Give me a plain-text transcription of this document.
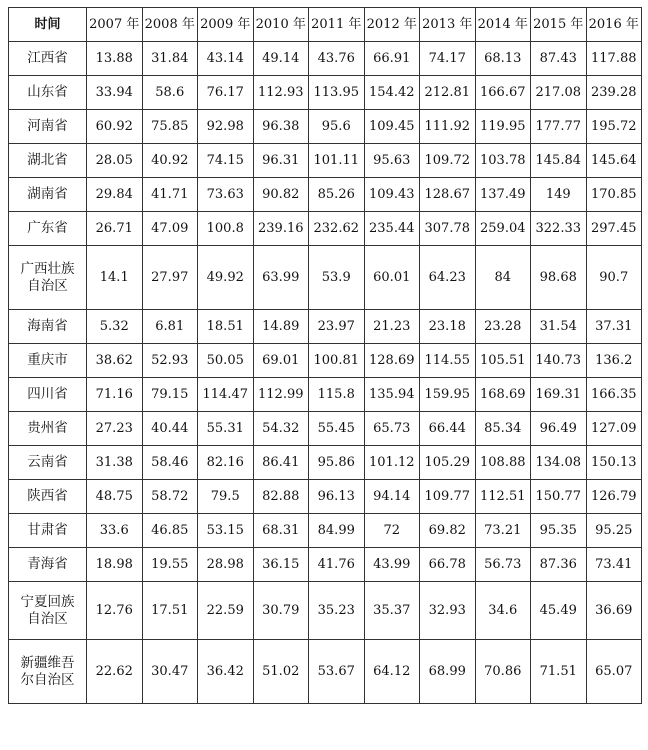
时间	2007 年	2008 年	2009 年	2010 年	2011 年	2012 年	2013 年	2014 年	2015 年	2016 年
江西省	13.88	31.84	43.14	49.14	43.76	66.91	74.17	68.13	87.43	117.88
山东省	33.94	58.6	76.17	112.93	113.95	154.42	212.81	166.67	217.08	239.28
河南省	60.92	75.85	92.98	96.38	95.6	109.45	111.92	119.95	177.77	195.72
湖北省	28.05	40.92	74.15	96.31	101.11	95.63	109.72	103.78	145.84	145.64
湖南省	29.84	41.71	73.63	90.82	85.26	109.43	128.67	137.49	149	170.85
广东省	26.71	47.09	100.8	239.16	232.62	235.44	307.78	259.04	322.33	297.45
广西壮族
自治区	14.1	27.97	49.92	63.99	53.9	60.01	64.23	84	98.68	90.7
海南省	5.32	6.81	18.51	14.89	23.97	21.23	23.18	23.28	31.54	37.31
重庆市	38.62	52.93	50.05	69.01	100.81	128.69	114.55	105.51	140.73	136.2
四川省	71.16	79.15	114.47	112.99	115.8	135.94	159.95	168.69	169.31	166.35
贵州省	27.23	40.44	55.31	54.32	55.45	65.73	66.44	85.34	96.49	127.09
云南省	31.38	58.46	82.16	86.41	95.86	101.12	105.29	108.88	134.08	150.13
陕西省	48.75	58.72	79.5	82.88	96.13	94.14	109.77	112.51	150.77	126.79
甘肃省	33.6	46.85	53.15	68.31	84.99	72	69.82	73.21	95.35	95.25
青海省	18.98	19.55	28.98	36.15	41.76	43.99	66.78	56.73	87.36	73.41
宁夏回族
自治区	12.76	17.51	22.59	30.79	35.23	35.37	32.93	34.6	45.49	36.69
新疆维吾
尔自治区	22.62	30.47	36.42	51.02	53.67	64.12	68.99	70.86	71.51	65.07
